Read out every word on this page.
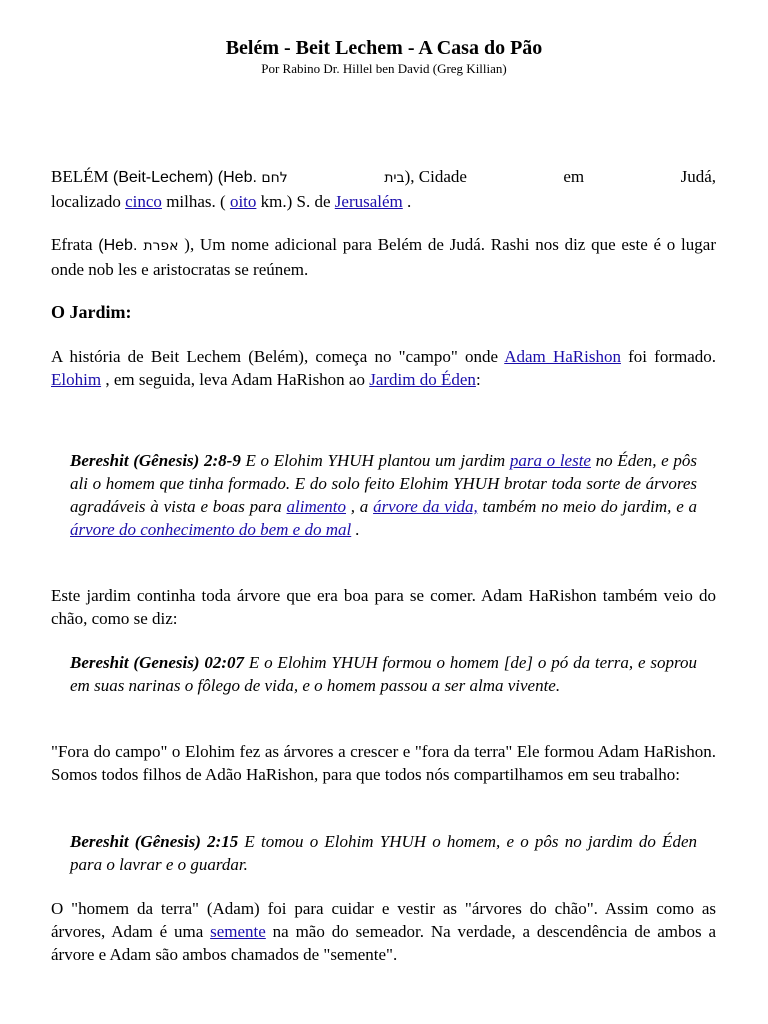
Belém - Beit Lechem - A Casa do Pão
Por Rabino Dr. Hillel ben David (Greg Killian)
BELÉM (Beit-Lechem) (Heb. לחם	בית), Cidade	em	Judá,
localizado cinco milhas. ( oito km.) S. de Jerusalém .
Efrata (Heb. אפרת ), Um nome adicional para Belém de Judá. Rashi nos diz que este é o lugar onde nob les e aristocratas se reúnem.
O Jardim:
A história de Beit Lechem (Belém), começa no "campo" onde Adam HaRishon foi formado. Elohim , em seguida, leva Adam HaRishon ao Jardim do Éden:
Bereshit (Gênesis) 2:8-9 E o Elohim YHUH plantou um jardim para o leste no Éden, e pôs ali o homem que tinha formado. E do solo feito Elohim YHUH brotar toda sorte de árvores agradáveis à vista e boas para alimento , a árvore da vida, também no meio do jardim, e a árvore do conhecimento do bem e do mal .
Este jardim continha toda árvore que era boa para se comer. Adam HaRishon também veio do chão, como se diz:
Bereshit (Genesis) 02:07 E o Elohim YHUH formou o homem [de] o pó da terra, e soprou em suas narinas o fôlego de vida, e o homem passou a ser alma vivente.
"Fora do campo" o Elohim fez as árvores a crescer e "fora da terra" Ele formou Adam HaRishon. Somos todos filhos de Adão HaRishon, para que todos nós compartilhamos em seu trabalho:
Bereshit (Gênesis) 2:15 E tomou o Elohim YHUH o homem, e o pôs no jardim do Éden para o lavrar e o guardar.
O "homem da terra" (Adam) foi para cuidar e vestir as "árvores do chão". Assim como as árvores, Adam é uma semente na mão do semeador. Na verdade, a descendência de ambos a árvore e Adam são ambos chamados de "semente".
